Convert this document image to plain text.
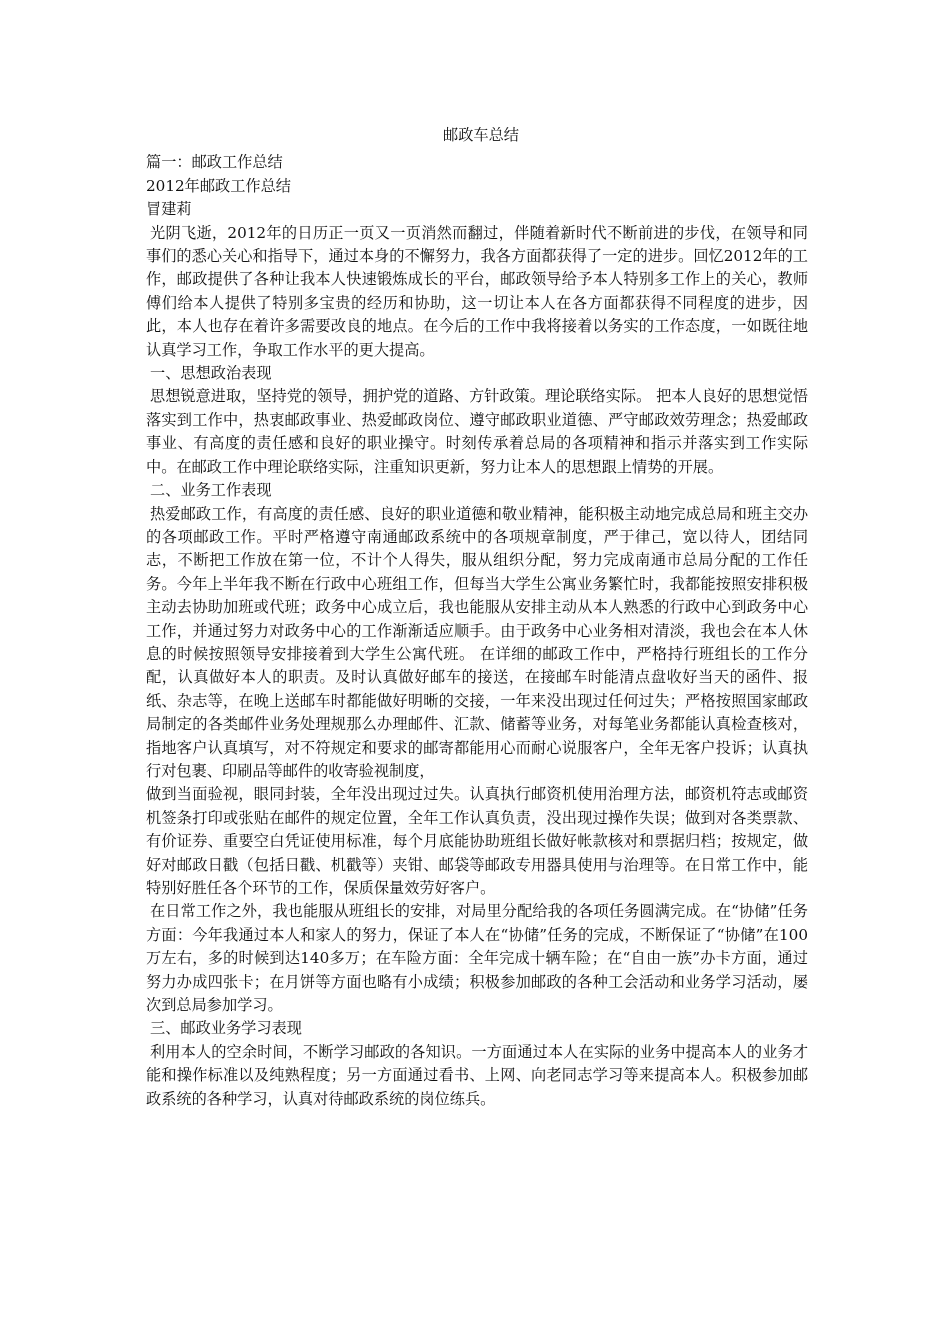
邮政车总结
篇一：邮政工作总结
2012年邮政工作总结
冒建莉
光阴飞逝，2012年的日历正一页又一页消然而翻过，伴随着新时代不断前进的步伐，在领导和同事们的悉心关心和指导下，通过本身的不懈努力，我各方面都获得了一定的进步。回忆2012年的工作，邮政提供了各种让我本人快速锻炼成长的平台，邮政领导给予本人特别多工作上的关心，教师傅们给本人提供了特别多宝贵的经历和协助，这一切让本人在各方面都获得不同程度的进步，因此，本人也存在着许多需要改良的地点。在今后的工作中我将接着以务实的工作态度，一如既往地认真学习工作，争取工作水平的更大提高。
一、思想政治表现
思想锐意进取，坚持党的领导，拥护党的道路、方针政策。理论联络实际。 把本人良好的思想觉悟落实到工作中，热衷邮政事业、热爱邮政岗位、遵守邮政职业道德、严守邮政效劳理念；热爱邮政事业、有高度的责任感和良好的职业操守。时刻传承着总局的各项精神和指示并落实到工作实际中。在邮政工作中理论联络实际，注重知识更新，努力让本人的思想跟上情势的开展。
二、业务工作表现
热爱邮政工作，有高度的责任感、良好的职业道德和敬业精神，能积极主动地完成总局和班主交办的各项邮政工作。平时严格遵守南通邮政系统中的各项规章制度，严于律己，宽以待人，团结同志，不断把工作放在第一位，不计个人得失，服从组织分配，努力完成南通市总局分配的工作任务。今年上半年我不断在行政中心班组工作，但每当大学生公寓业务繁忙时，我都能按照安排积极主动去协助加班或代班；政务中心成立后，我也能服从安排主动从本人熟悉的行政中心到政务中心工作，并通过努力对政务中心的工作渐渐适应顺手。由于政务中心业务相对清淡，我也会在本人休息的时候按照领导安排接着到大学生公寓代班。 在详细的邮政工作中，严格持行班组长的工作分配，认真做好本人的职责。及时认真做好邮车的接送，在接邮车时能清点盘收好当天的函件、报纸、杂志等，在晚上送邮车时都能做好明晰的交接，一年来没出现过任何过失；严格按照国家邮政局制定的各类邮件业务处理规那么办理邮件、汇款、储蓄等业务，对每笔业务都能认真检查核对，指地客户认真填写，对不符规定和要求的邮寄都能用心而耐心说服客户，全年无客户投诉；认真执行对包裹、印刷品等邮件的收寄验视制度，
做到当面验视，眼同封装，全年没出现过过失。认真执行邮资机使用治理方法，邮资机符志或邮资机签条打印或张贴在邮件的规定位置，全年工作认真负责，没出现过操作失误；做到对各类票款、有价证券、重要空白凭证使用标准，每个月底能协助班组长做好帐款核对和票据归档；按规定，做好对邮政日戳（包括日戳、机戳等）夹钳、邮袋等邮政专用器具使用与治理等。在日常工作中，能特别好胜任各个环节的工作，保质保量效劳好客户。
在日常工作之外，我也能服从班组长的安排，对局里分配给我的各项任务圆满完成。在“协储”任务方面：今年我通过本人和家人的努力，保证了本人在“协储”任务的完成，不断保证了“协储”在100万左右，多的时候到达140多万；在车险方面：全年完成十辆车险；在“自由一族”办卡方面，通过努力办成四张卡；在月饼等方面也略有小成绩；积极参加邮政的各种工会活动和业务学习活动，屡次到总局参加学习。
三、邮政业务学习表现
利用本人的空余时间，不断学习邮政的各知识。一方面通过本人在实际的业务中提高本人的业务才能和操作标准以及纯熟程度；另一方面通过看书、上网、向老同志学习等来提高本人。积极参加邮政系统的各种学习，认真对待邮政系统的岗位练兵。
